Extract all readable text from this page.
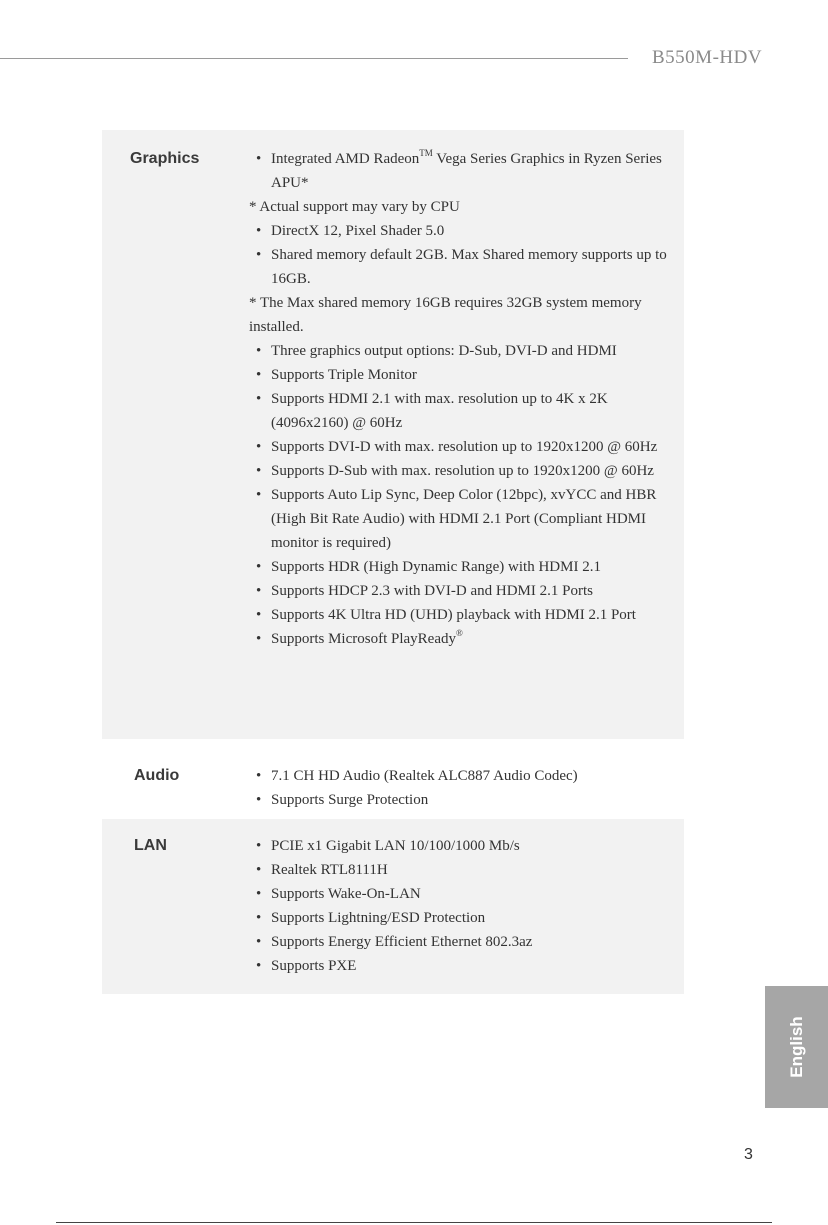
B550M-HDV
Graphics	• Integrated AMD Radeon™ Vega Series Graphics in Ryzen Series APU*
* Actual support may vary by CPU
• DirectX 12, Pixel Shader 5.0
• Shared memory default 2GB. Max Shared memory supports up to 16GB.
* The Max shared memory 16GB requires 32GB system memory installed.
• Three graphics output options: D-Sub, DVI-D and HDMI
• Supports Triple Monitor
• Supports HDMI 2.1 with max. resolution up to 4K x 2K (4096x2160) @ 60Hz
• Supports DVI-D with max. resolution up to 1920x1200 @ 60Hz
• Supports D-Sub with max. resolution up to 1920x1200 @ 60Hz
• Supports Auto Lip Sync, Deep Color (12bpc), xvYCC and HBR (High Bit Rate Audio) with HDMI 2.1 Port (Compliant HDMI monitor is required)
• Supports HDR (High Dynamic Range) with HDMI 2.1
• Supports HDCP 2.3 with DVI-D and HDMI 2.1 Ports
• Supports 4K Ultra HD (UHD) playback with HDMI 2.1 Port
• Supports Microsoft PlayReady®
Audio	• 7.1 CH HD Audio (Realtek ALC887 Audio Codec)
• Supports Surge Protection
LAN	• PCIE x1 Gigabit LAN 10/100/1000 Mb/s
• Realtek RTL8111H
• Supports Wake-On-LAN
• Supports Lightning/ESD Protection
• Supports Energy Efficient Ethernet 802.3az
• Supports PXE
English
3
